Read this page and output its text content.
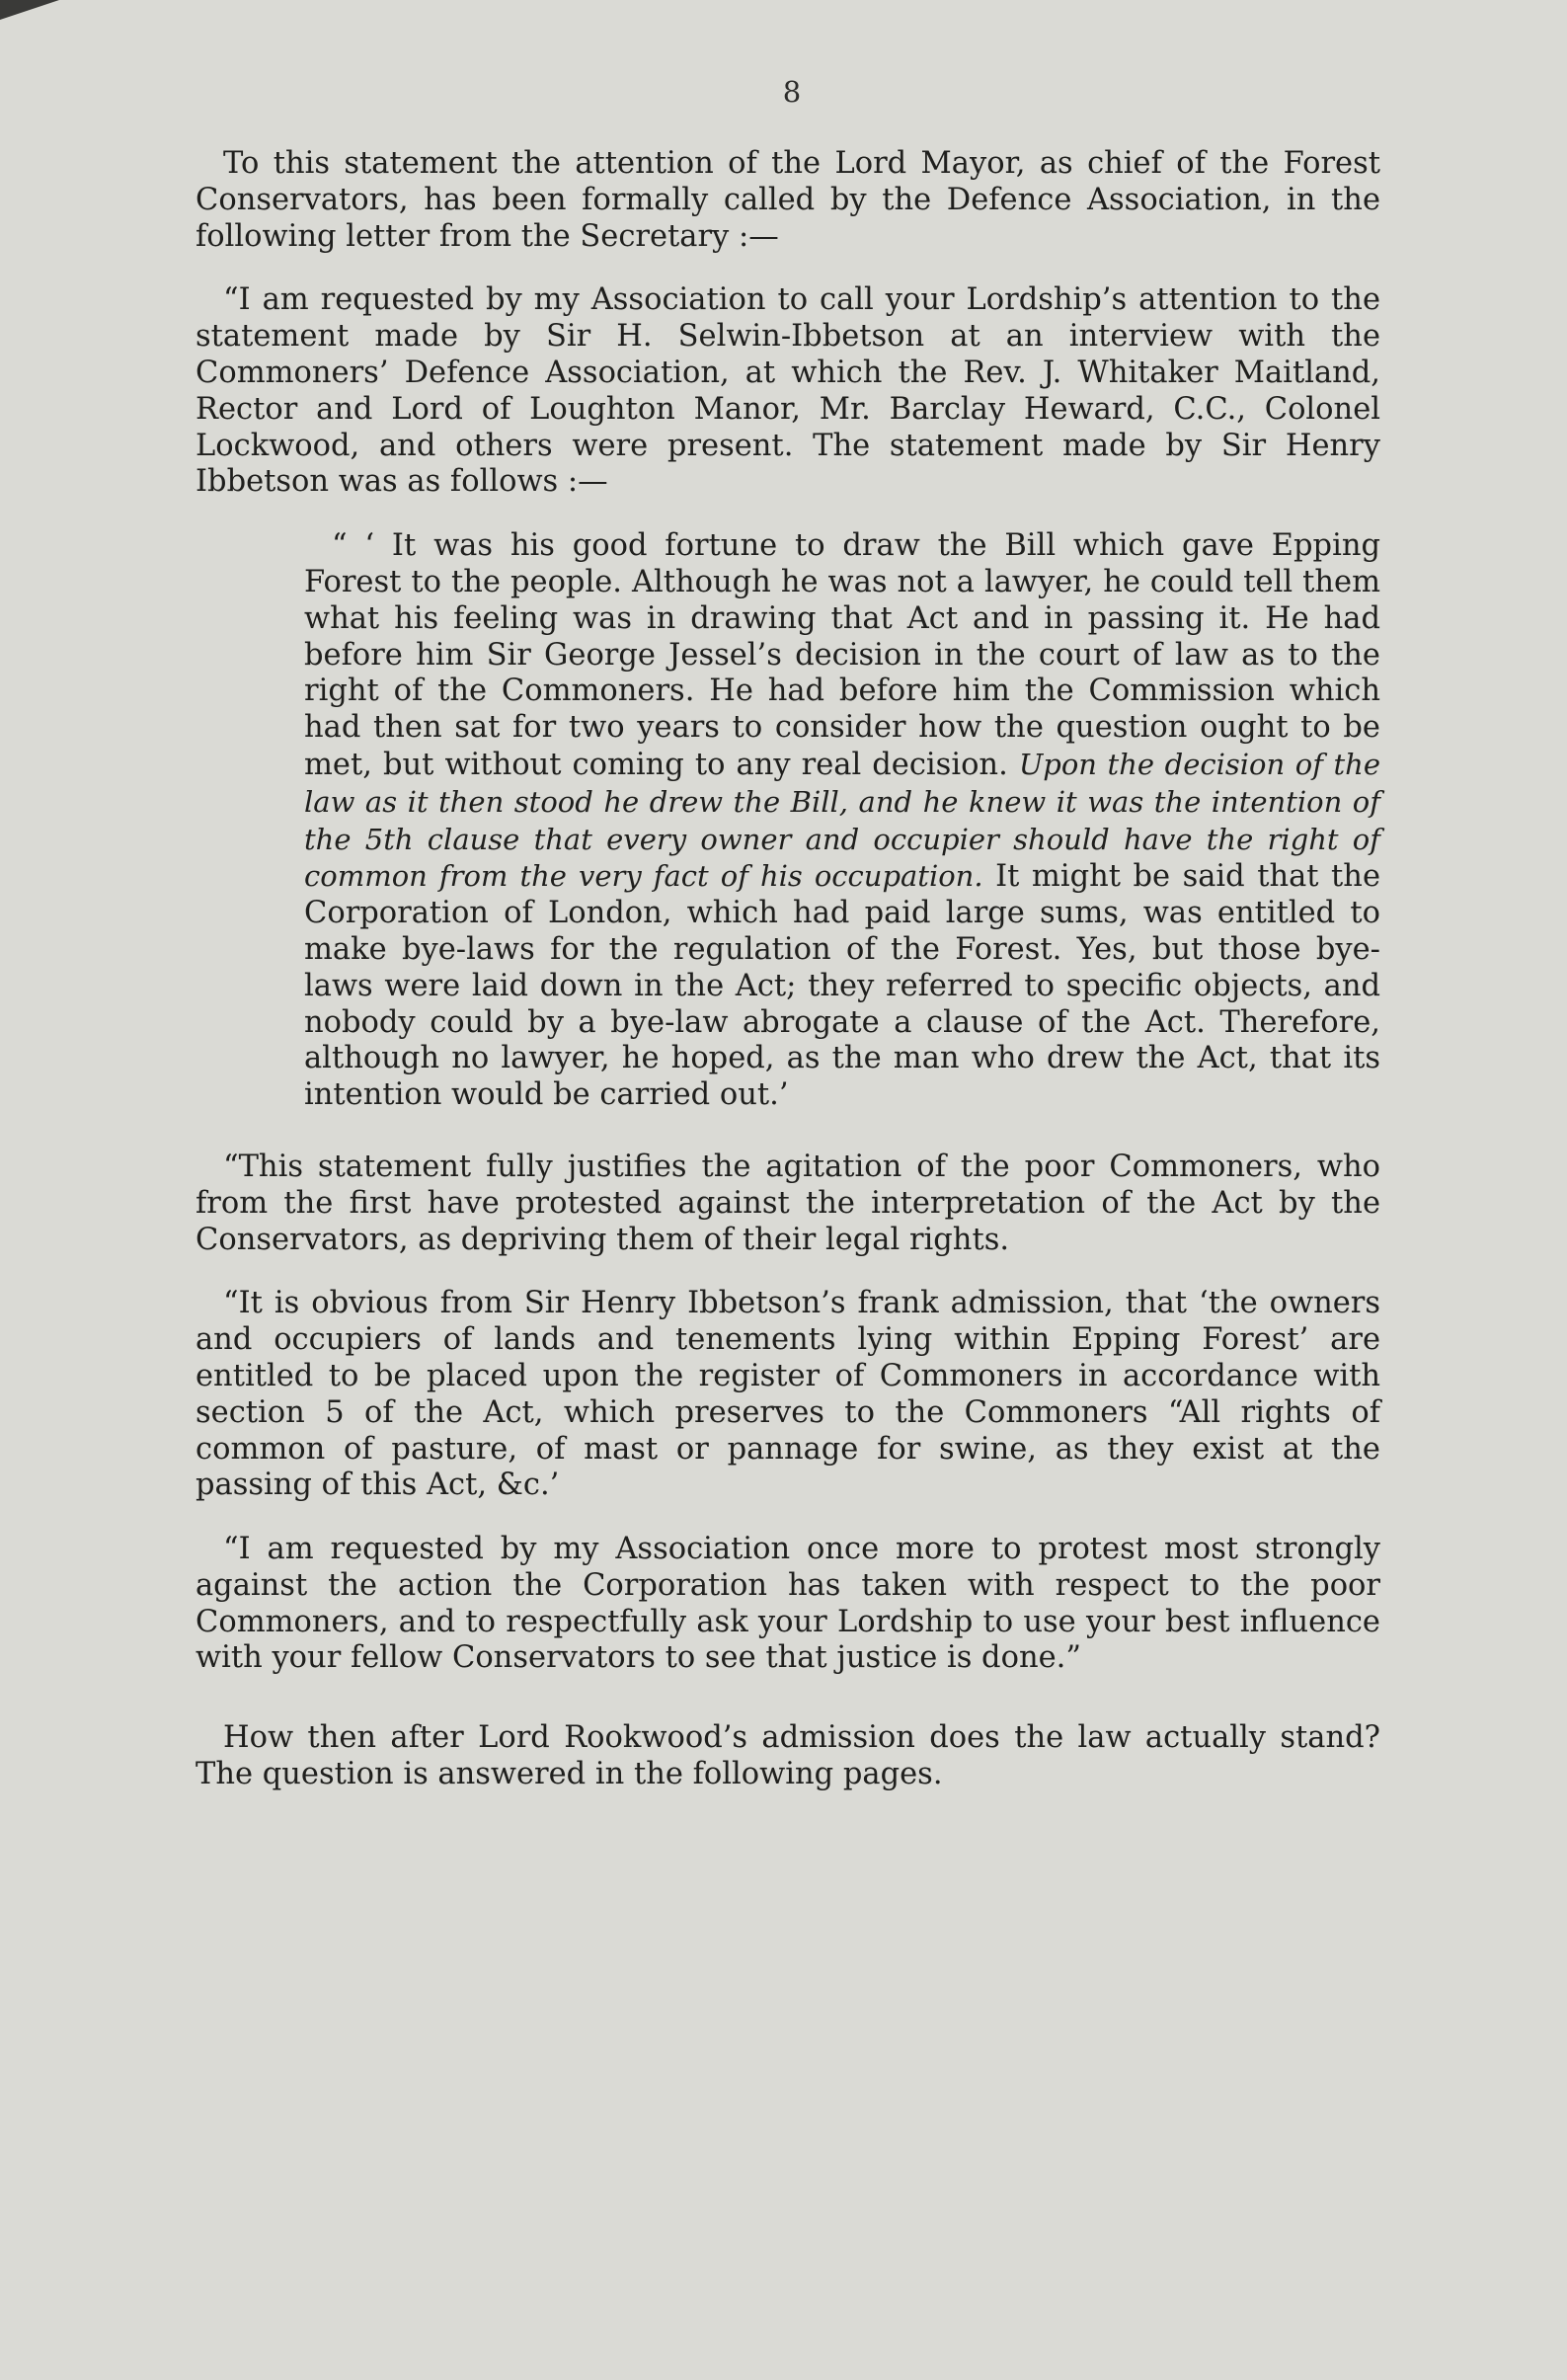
8

To this statement the attention of the Lord Mayor, as chief of the Forest Conservators, has been formally called by the Defence Association, in the following letter from the Secretary :—

“I am requested by my Association to call your Lordship’s attention to the statement made by Sir H. Selwin-Ibbetson at an interview with the Commoners’ Defence Association, at which the Rev. J. Whitaker Maitland, Rector and Lord of Loughton Manor, Mr. Barclay Heward, C.C., Colonel Lockwood, and others were present. The statement made by Sir Henry Ibbetson was as follows :—

“ ‘ It was his good fortune to draw the Bill which gave Epping Forest to the people. Although he was not a lawyer, he could tell them what his feeling was in drawing that Act and in passing it. He had before him Sir George Jessel’s decision in the court of law as to the right of the Commoners. He had before him the Commission which had then sat for two years to consider how the question ought to be met, but without coming to any real decision. Upon the decision of the law as it then stood he drew the Bill, and he knew it was the intention of the 5th clause that every owner and occupier should have the right of common from the very fact of his occupation. It might be said that the Corporation of London, which had paid large sums, was entitled to make bye-laws for the regulation of the Forest. Yes, but those bye-laws were laid down in the Act; they referred to specific objects, and nobody could by a bye-law abrogate a clause of the Act. Therefore, although no lawyer, he hoped, as the man who drew the Act, that its intention would be carried out.’

“This statement fully justifies the agitation of the poor Commoners, who from the first have protested against the interpretation of the Act by the Conservators, as depriving them of their legal rights.

“It is obvious from Sir Henry Ibbetson’s frank admission, that ‘the owners and occupiers of lands and tenements lying within Epping Forest’ are entitled to be placed upon the register of Commoners in accordance with section 5 of the Act, which preserves to the Commoners “All rights of common of pasture, of mast or pannage for swine, as they exist at the passing of this Act, &c.’

“I am requested by my Association once more to protest most strongly against the action the Corporation has taken with respect to the poor Commoners, and to respectfully ask your Lordship to use your best influence with your fellow Conservators to see that justice is done.”

How then after Lord Rookwood’s admission does the law actually stand? The question is answered in the following pages.
